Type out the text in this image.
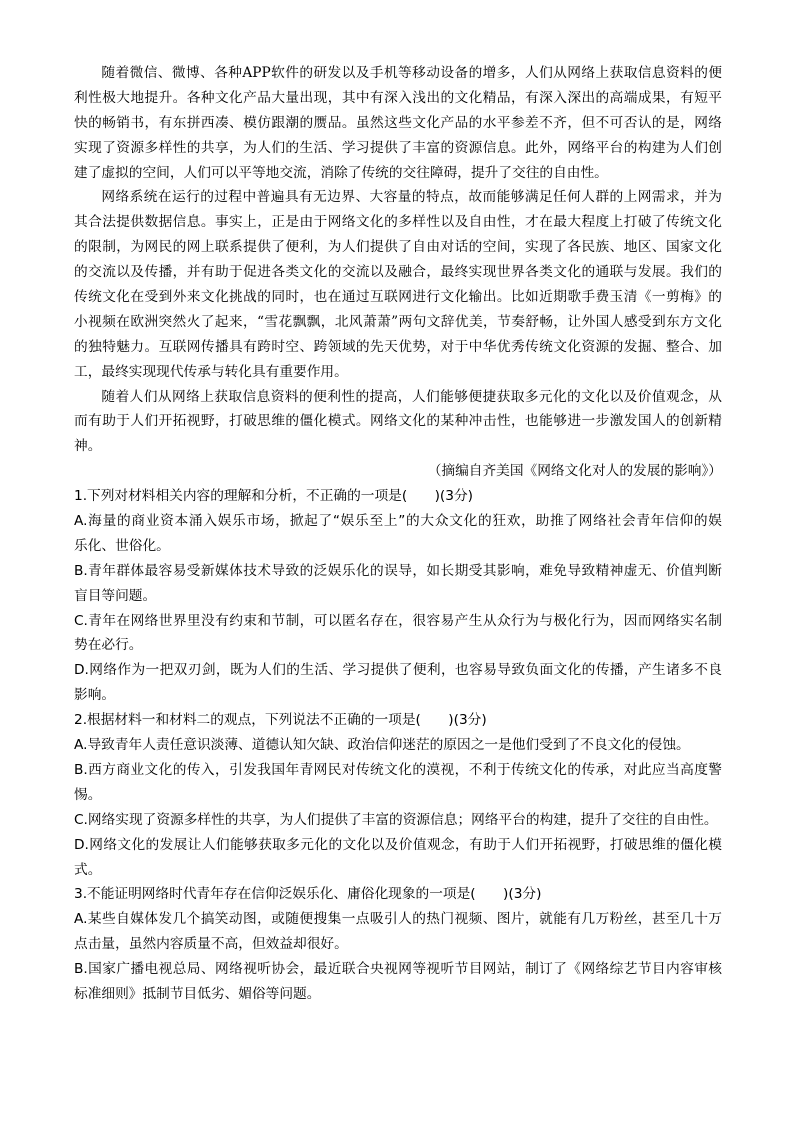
随着微信、微博、各种APP软件的研发以及手机等移动设备的增多，人们从网络上获取信息资料的便
利性极大地提升。各种文化产品大量出现，其中有深入浅出的文化精品，有深入深出的高端成果，有短平
快的畅销书，有东拼西凑、模仿跟潮的赝品。虽然这些文化产品的水平参差不齐，但不可否认的是，网络
实现了资源多样性的共享，为人们的生活、学习提供了丰富的资源信息。此外，网络平台的构建为人们创
建了虚拟的空间，人们可以平等地交流，消除了传统的交往障碍，提升了交往的自由性。
网络系统在运行的过程中普遍具有无边界、大容量的特点，故而能够满足任何人群的上网需求，并为
其合法提供数据信息。事实上，正是由于网络文化的多样性以及自由性，才在最大程度上打破了传统文化
的限制，为网民的网上联系提供了便利，为人们提供了自由对话的空间，实现了各民族、地区、国家文化
的交流以及传播，并有助于促进各类文化的交流以及融合，最终实现世界各类文化的通联与发展。我们的
传统文化在受到外来文化挑战的同时，也在通过互联网进行文化输出。比如近期歌手费玉清《一剪梅》的
小视频在欧洲突然火了起来，“雪花飘飘，北风萧萧”两句文辞优美，节奏舒畅，让外国人感受到东方文化
的独特魅力。互联网传播具有跨时空、跨领域的先天优势，对于中华优秀传统文化资源的发掘、整合、加
工，最终实现现代传承与转化具有重要作用。
随着人们从网络上获取信息资料的便利性的提高，人们能够便捷获取多元化的文化以及价值观念，从
而有助于人们开拓视野，打破思维的僵化模式。网络文化的某种冲击性，也能够进一步激发国人的创新精
神。
（摘编自齐美国《网络文化对人的发展的影响》）
1.下列对材料相关内容的理解和分析，不正确的一项是(　　)(3分)
A.海量的商业资本涌入娱乐市场，掀起了“娱乐至上”的大众文化的狂欢，助推了网络社会青年信仰的娱
乐化、世俗化。
B.青年群体最容易受新媒体技术导致的泛娱乐化的误导，如长期受其影响，难免导致精神虚无、价值判断
盲目等问题。
C.青年在网络世界里没有约束和节制，可以匿名存在，很容易产生从众行为与极化行为，因而网络实名制
势在必行。
D.网络作为一把双刃剑，既为人们的生活、学习提供了便利，也容易导致负面文化的传播，产生诸多不良
影响。
2.根据材料一和材料二的观点，下列说法不正确的一项是(　　)(3分)
A.导致青年人责任意识淡薄、道德认知欠缺、政治信仰迷茫的原因之一是他们受到了不良文化的侵蚀。
B.西方商业文化的传入，引发我国年青网民对传统文化的漠视，不利于传统文化的传承，对此应当高度警
惕。
C.网络实现了资源多样性的共享，为人们提供了丰富的资源信息；网络平台的构建，提升了交往的自由性。
D.网络文化的发展让人们能够获取多元化的文化以及价值观念，有助于人们开拓视野，打破思维的僵化模
式。
3.不能证明网络时代青年存在信仰泛娱乐化、庸俗化现象的一项是(　　)(3分)
A.某些自媒体发几个搞笑动图，或随便搜集一点吸引人的热门视频、图片，就能有几万粉丝，甚至几十万
点击量，虽然内容质量不高，但效益却很好。
B.国家广播电视总局、网络视听协会，最近联合央视网等视听节目网站，制订了《网络综艺节目内容审核
标准细则》抵制节目低劣、媚俗等问题。
